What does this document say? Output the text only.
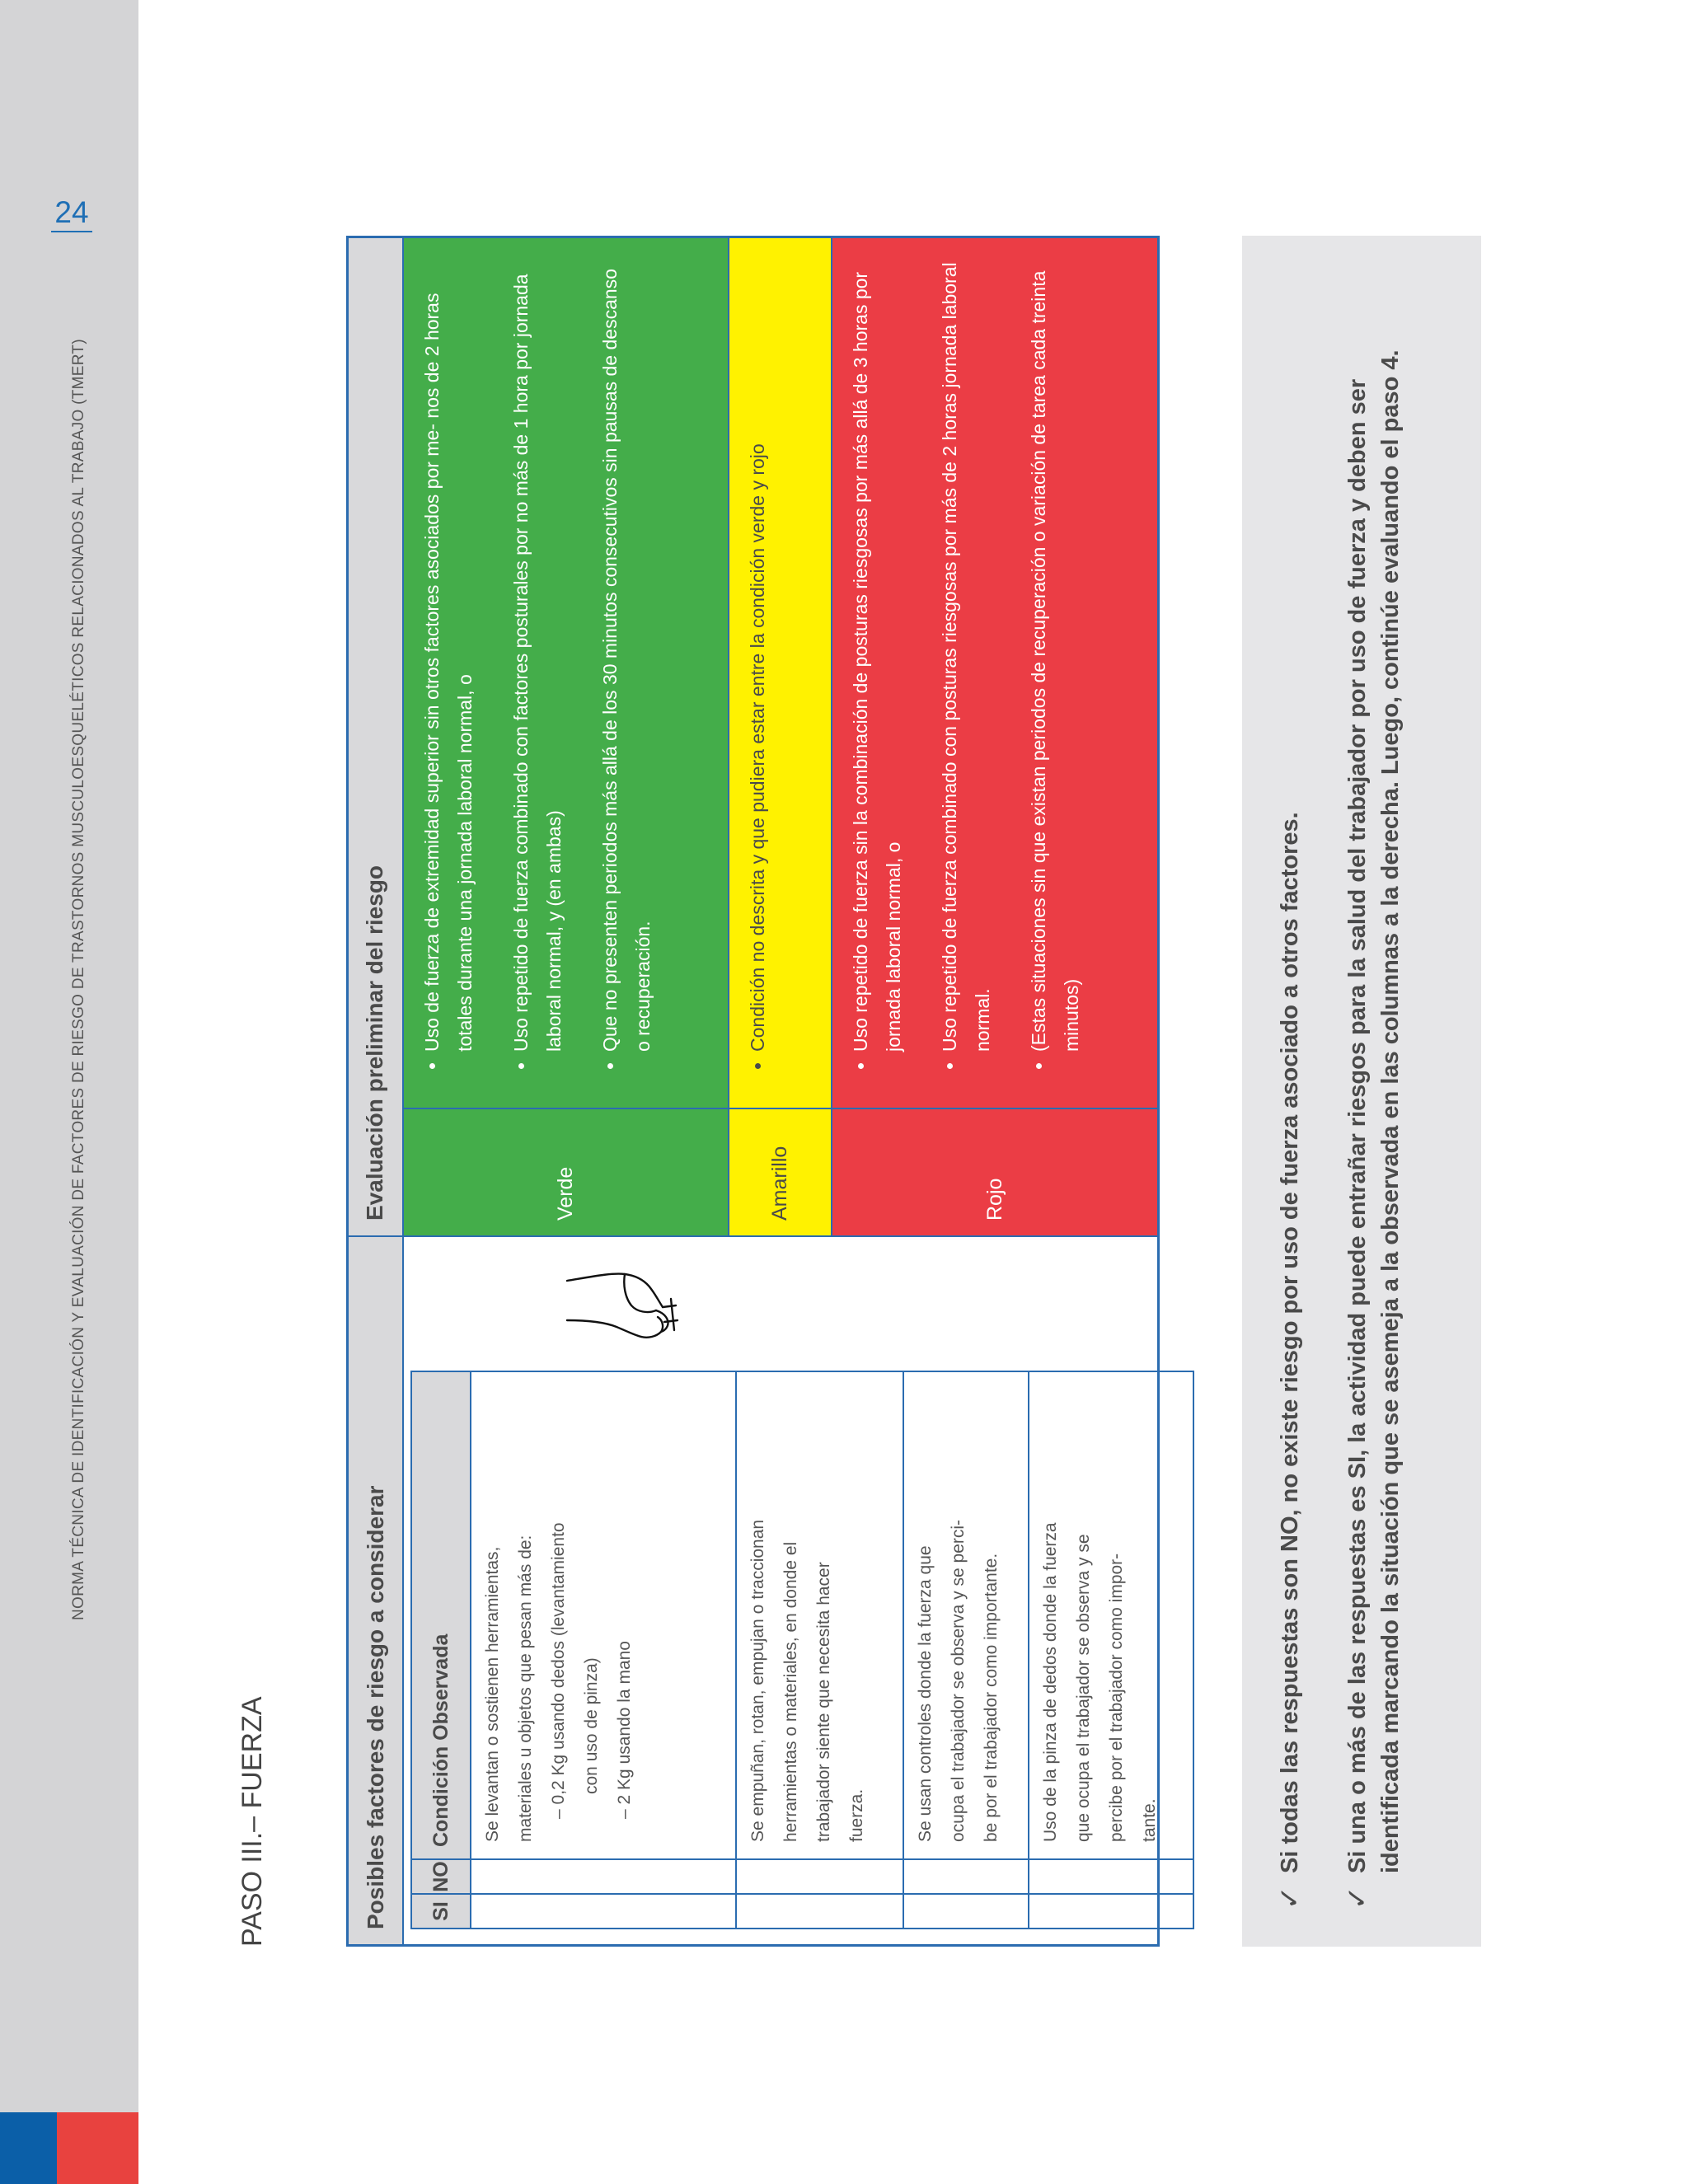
24
NORMA TÉCNICA DE IDENTIFICACIÓN Y EVALUACIÓN DE FACTORES DE RIESGO DE TRASTORNOS MUSCULOESQUELÉTICOS RELACIONADOS AL TRABAJO (TMERT)
PASO III.– FUERZA	Posibles factores de riesgo a considerar	SI	NO	Condición Observada

		Se levantan o sostienen herramientas, materiales u objetos que pesan más de: – 0,2 Kg usando dedos (levantamiento con uso de pinza) – 2 Kg usando la mano

		Se empuñan, rotan, empujan o traccionan herramientas o materiales, en donde el trabajador siente que necesita hacer fuerza.

		Se usan controles donde la fuerza que ocupa el trabajador se observa y se perci- be por el trabajador como importante.

		Uso de la pinza de dedos donde la fuerza que ocupa el trabajador se observa y se percibe por el trabajador como impor- tante.
Evaluación preliminar del riesgo	Verde
• Uso de fuerza de extremidad superior sin otros factores asociados por me- nos de 2 horas totales durante una jornada laboral normal, o	• Uso repetido de fuerza combinado con factores posturales por no más de 1 hora por jornada laboral normal, y (en ambas)	• Que no presenten periodos más allá de los 30 minutos consecutivos sin pausas de descanso o recuperación.
Amarillo
• Condición no descrita y que pudiera estar entre la condición verde y rojo
Rojo
• Uso repetido de fuerza sin la combinación de posturas riesgosas por más allá de 3 horas por jornada laboral normal, o	• Uso repetido de fuerza combinado con posturas riesgosas por más de 2 horas jornada laboral normal.	• (Estas situaciones sin que existan periodos de recuperación o variación de tarea cada treinta minutos)
✓
Si todas las respuestas son NO, no existe riesgo por uso de fuerza asociado a otros factores.
✓
Si una o más de las respuestas es SI, la actividad puede entrañar riesgos para la salud del trabajador por uso de fuerza y deben ser identificada marcando la situación que se asemeja a la observada en las columnas a la derecha. Luego, continúe evaluando el paso 4.
